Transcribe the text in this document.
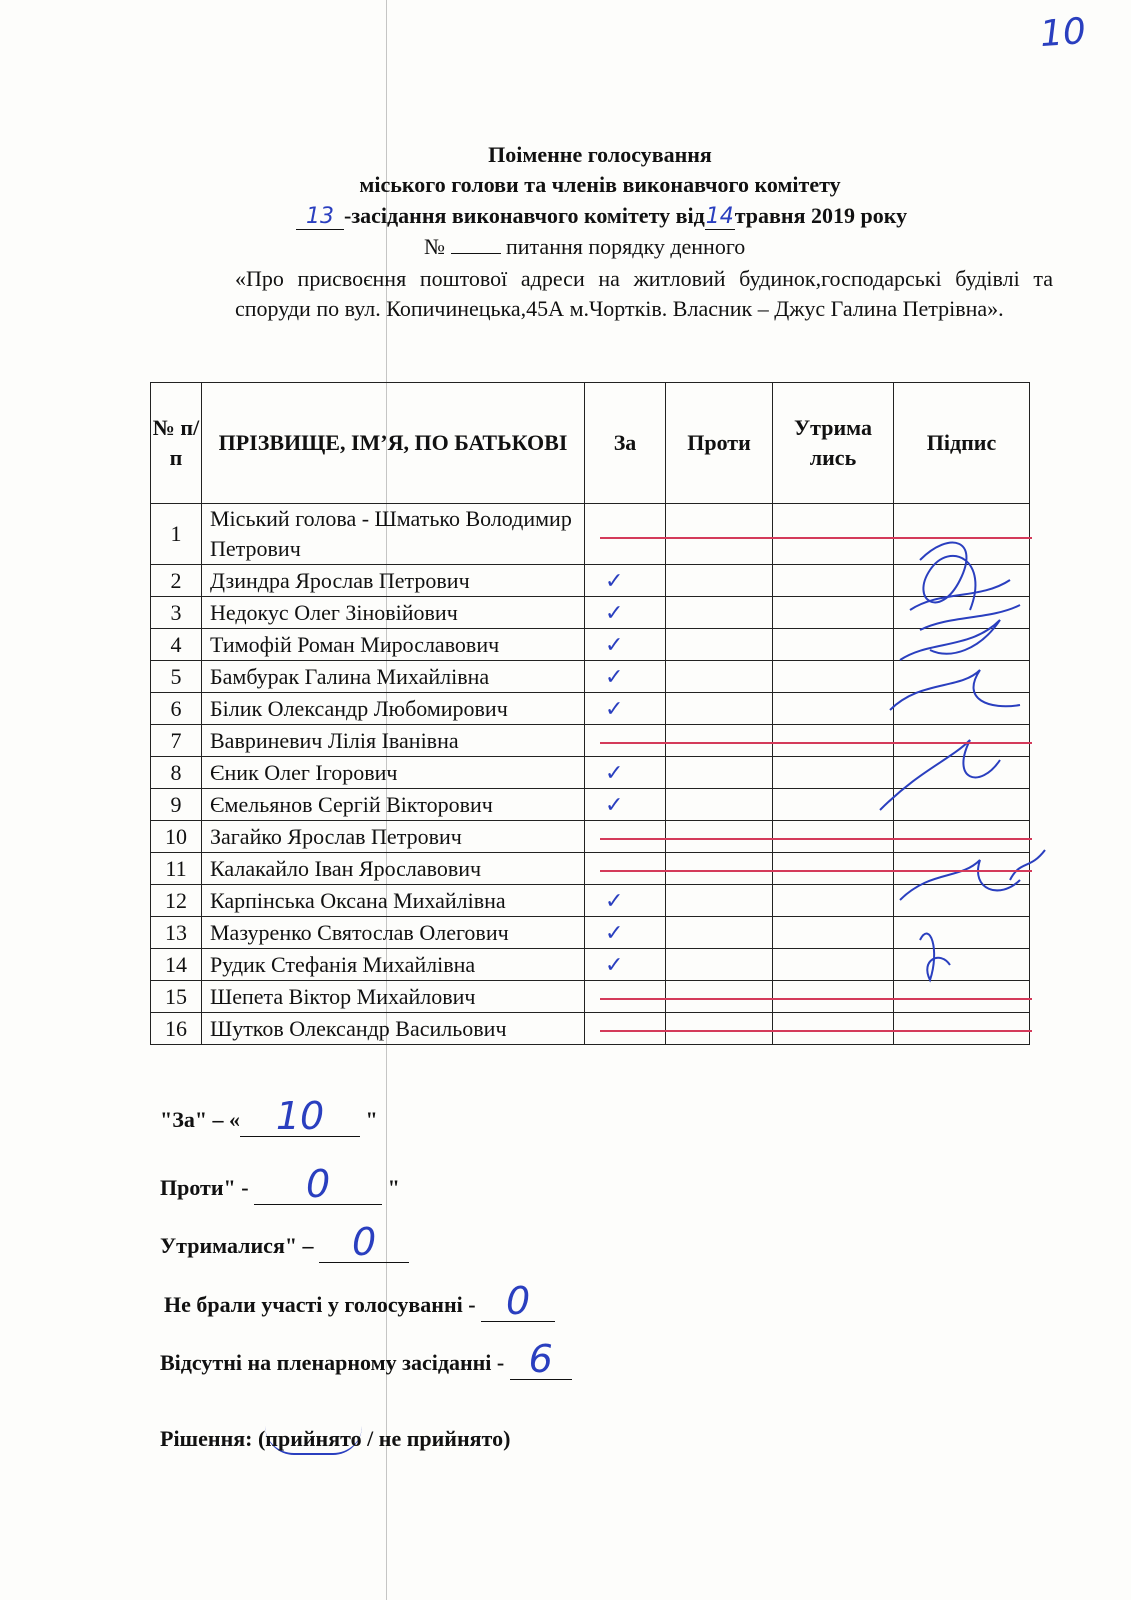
10
Поіменне голосування
міського голови та членів виконавчого комітету
13 -засідання виконавчого комітету від14травня 2019 року
№	питання порядку денного
«Про присвоєння поштової адреси на житловий будинок,господарські будівлі та споруди по вул. Копичинецька,45А м.Чортків. Власник – Джус Галина Петрівна».
№ п/ п	ПРІЗВИЩЕ, ІМ’Я, ПО БАТЬКОВІ	За	Проти	Утрима лись	Підпис
1	Міський голова - Шматько Володимир Петрович				
2	Дзиндра Ярослав Петрович	✓			
3	Недокус Олег Зіновійович	✓			
4	Тимофій Роман Мирославович	✓			
5	Бамбурак Галина Михайлівна	✓			
6	Білик Олександр Любомирович	✓			
7	Вавриневич Лілія Іванівна				
8	Єник Олег Ігорович	✓			
9	Ємельянов Сергій Вікторович	✓			
10	Загайко Ярослав Петрович				
11	Калакайло Іван Ярославович				
12	Карпінська Оксана Михайлівна	✓			
13	Мазуренко Святослав Олегович	✓			
14	Рудик Стефанія Михайлівна	✓			
15	Шепета Віктор Михайлович				
16	Шутков Олександр Васильович				
"За" – « 10 "
Проти" - 0 "
Утрималися" – 0
Не брали участі у голосуванні - 0
Відсутні на пленарному засіданні - 6
Рішення: (прийнято / не прийнято)
